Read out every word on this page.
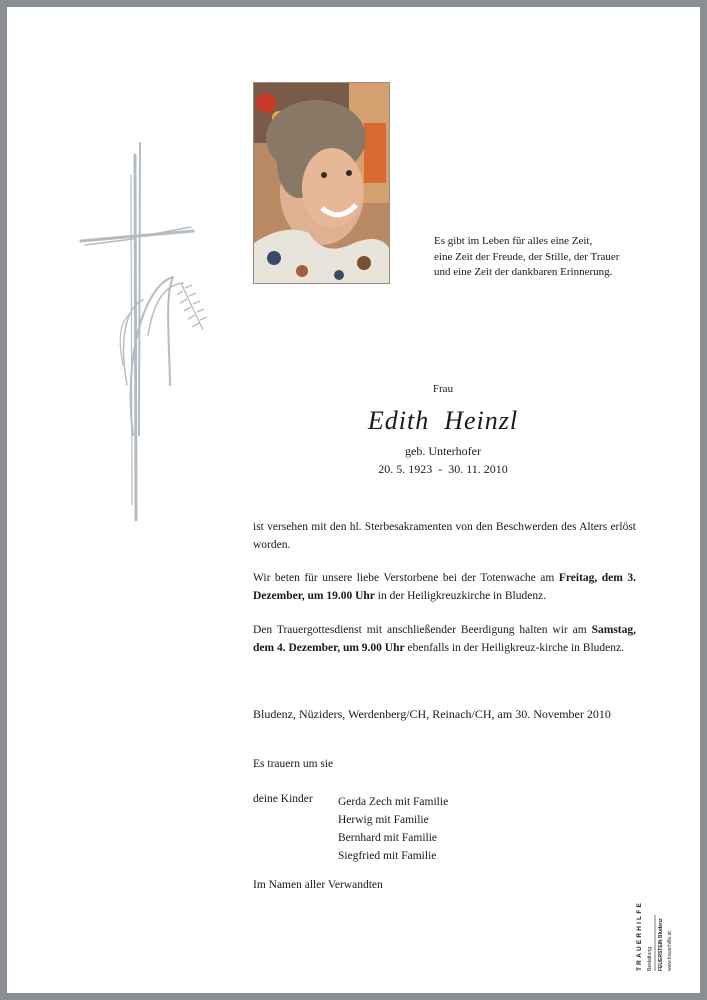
Es gibt im Leben für alles eine Zeit,
eine Zeit der Freude, der Stille, der Trauer
und eine Zeit der dankbaren Erinnerung.
Frau
Edith  Heinzl
geb. Unterhofer
20. 5. 1923  -  30. 11. 2010
ist versehen mit den hl. Sterbesakramenten von den Beschwerden des Alters erlöst worden.
Wir beten für unsere liebe Verstorbene bei der Totenwache am Freitag, dem 3. Dezember, um 19.00 Uhr in der Heiligkreuzkirche in Bludenz.
Den Trauergottesdienst mit anschließender Beerdigung halten wir am Samstag, dem 4. Dezember, um 9.00 Uhr ebenfalls in der Heiligkreuz-kirche in Bludenz.
Bludenz, Nüziders, Werdenberg/CH, Reinach/CH, am 30. November 2010
Es trauern um sie
deine Kinder Gerda Zech mit Familie
Herwig mit Familie
Bernhard mit Familie
Siegfried mit Familie
Im Namen aller Verwandten
TRAUERHILFE Bestattung FEUERSTEIN Bludenz www.trauerhilfe.at
